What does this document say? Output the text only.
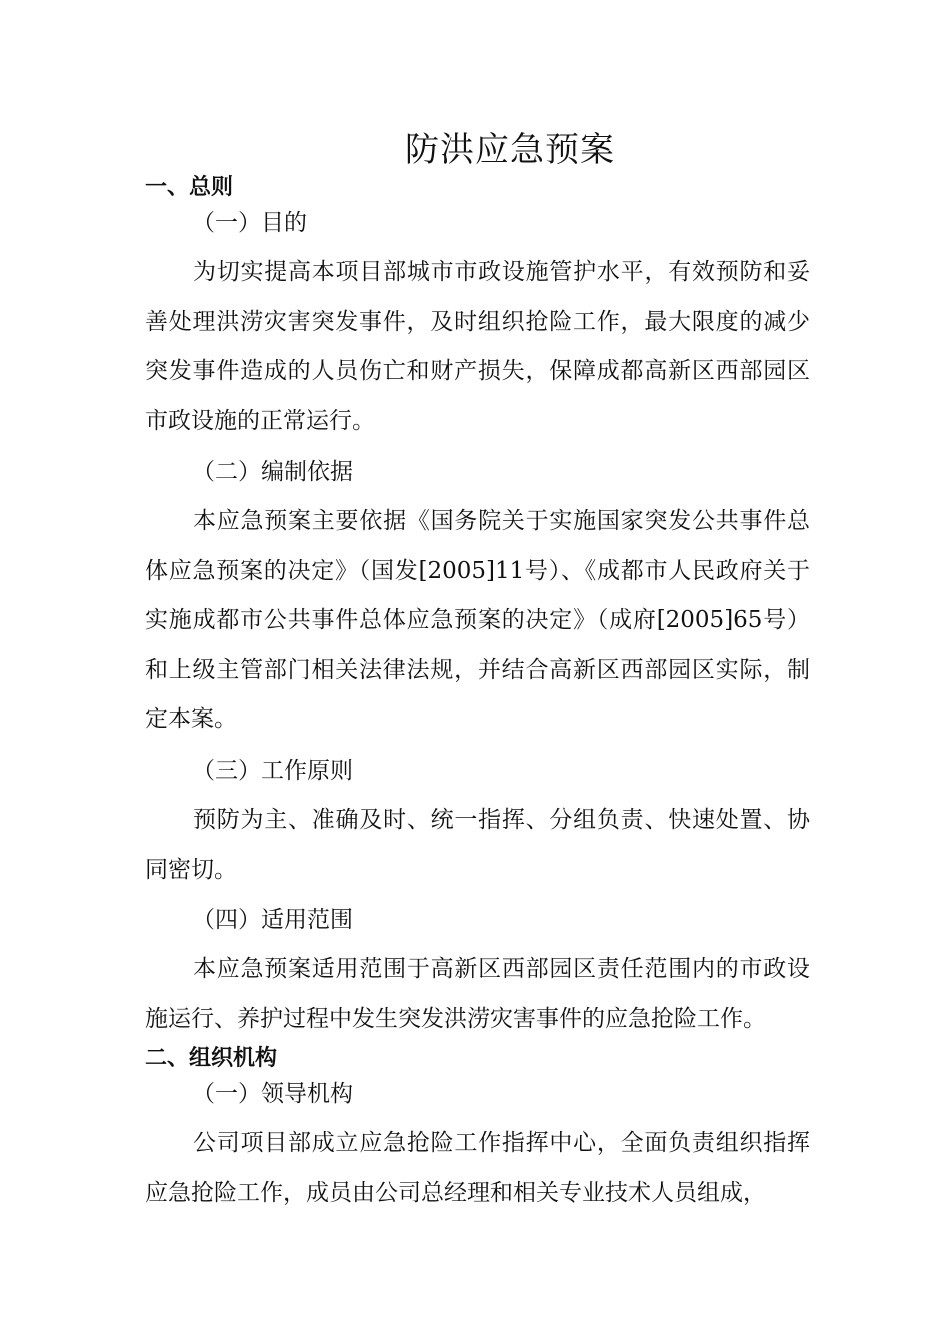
防洪应急预案
一、总则
（一）目的

为切实提高本项目部城市市政设施管护水平，有效预防和妥善处理洪涝灾害突发事件，及时组织抢险工作，最大限度的减少突发事件造成的人员伤亡和财产损失，保障成都高新区西部园区市政设施的正常运行。

（二）编制依据

本应急预案主要依据《国务院关于实施国家突发公共事件总体应急预案的决定》（国发[2005]11号）、《成都市人民政府关于实施成都市公共事件总体应急预案的决定》（成府[2005]65号）和上级主管部门相关法律法规，并结合高新区西部园区实际，制定本案。

（三）工作原则

预防为主、准确及时、统一指挥、分组负责、快速处置、协同密切。

（四）适用范围

本应急预案适用范围于高新区西部园区责任范围内的市政设施运行、养护过程中发生突发洪涝灾害事件的应急抢险工作。

二、组织机构
（一）领导机构

公司项目部成立应急抢险工作指挥中心，全面负责组织指挥应急抢险工作，成员由公司总经理和相关专业技术人员组成，
